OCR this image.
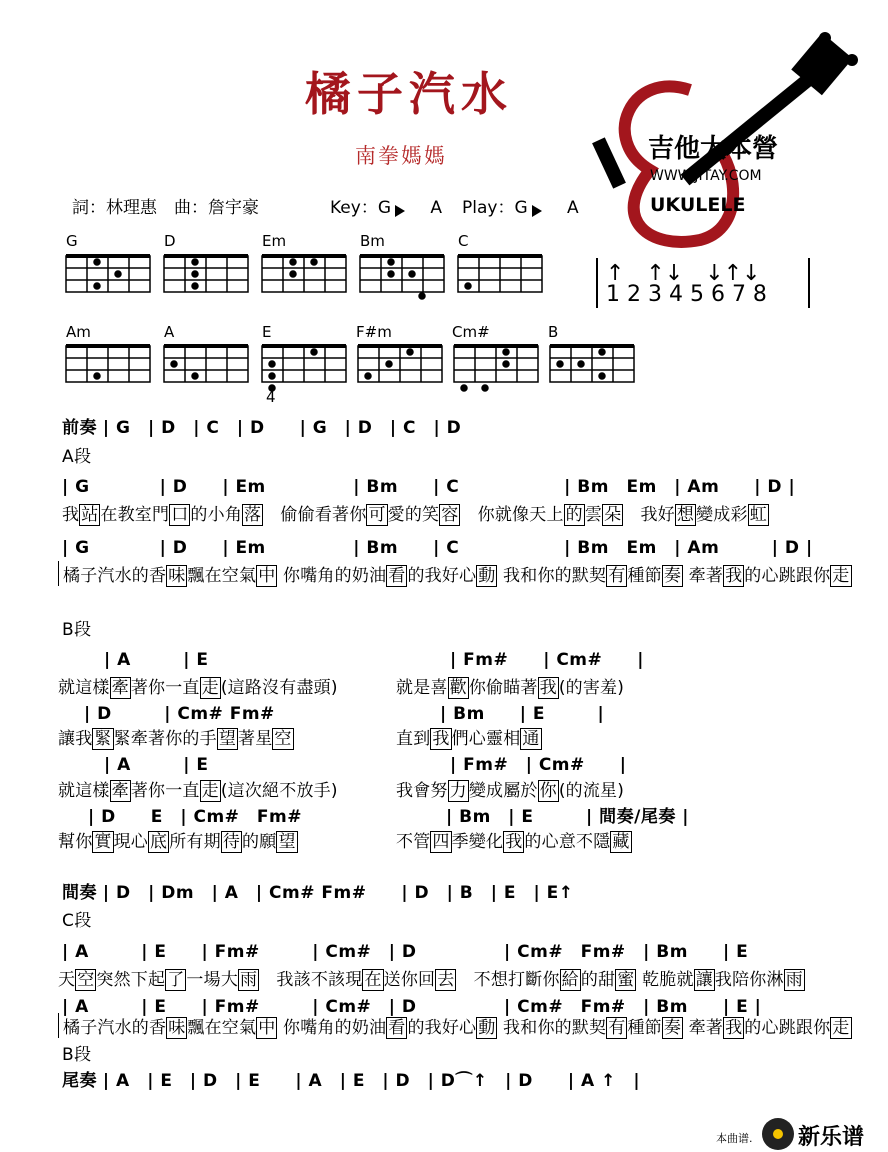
橘子汽水
南拳媽媽
詞：林理惠　曲：詹宇豪	Key：G A Play：G A
吉他大本營
WWW.JITAY.COM
UKULELE
G	D	Em	Bm	C
↑　↑↓　↓↑↓
1 2 3 4 5 6 7 8
Am	A	E	F#m	Cm#	B
4
前奏 | G　| D　| C　| D　　| G　| D　| C　| D
A段
| G　　　　| D　　| Em　　　　　| Bm　　| C　　　　　　| Bm　Em　| Am　　| D |
我 站 在教室門 口 的小角 落　偷偷看著你 可 愛的笑 容　你就像天上 的 雲 朵　我好 想 變成彩 虹
| G　　　　| D　　| Em　　　　　| Bm　　| C　　　　　　| Bm　Em　| Am　　　| D |
橘子汽水的香 味 飄在空氣 中 你嘴角的奶油 看 的我好心 動 我和你的默契 有 種節 奏 牽著 我 的心跳跟你 走
B段
| A　　　| E	| Fm#　　| Cm#　　|
就這樣 牽 著你一直 走 (這路沒有盡頭)	就是喜 歡 你偷瞄著 我 (的害羞)
| D　　　| Cm# Fm#	| Bm　　| E　　　|
讓我 緊 緊牽著你的手 望 著星 空	直到 我 們心靈相 通
| A　　　| E	| Fm#　| Cm#　　|
就這樣 牽 著你一直 走 (這次絕不放手)	我會努 力 變成屬於 你 (的流星)
| D　　E　| Cm#　Fm#	| Bm　| E　　　| 間奏/尾奏 |
幫你 實 現心 底 所有期 待 的願 望	不管 四 季變化 我 的心意不隱 藏
間奏 | D　| Dm　| A　| Cm# Fm#　　| D　| B　| E　| E↑
C段
| A　　　| E　　| Fm#　　　| Cm#　| D　　　　　| Cm#　Fm#　| Bm　　| E
天 空 突然下起 了 一場大 雨　我該不該現 在 送你回 去　不想打斷你 給 的甜 蜜 乾脆就 讓 我陪你淋 雨
| A　　　| E　　| Fm#　　　| Cm#　| D　　　　　| Cm#　Fm#　| Bm　　| E |
橘子汽水的香 味 飄在空氣 中 你嘴角的奶油 看 的我好心 動 我和你的默契 有 種節 奏 牽著 我 的心跳跟你 走
B段
尾奏 | A　| E　| D　| E　　| A　| E　| D　| D⌒↑　| D　　| A ↑　|
本曲谱. 新乐谱
